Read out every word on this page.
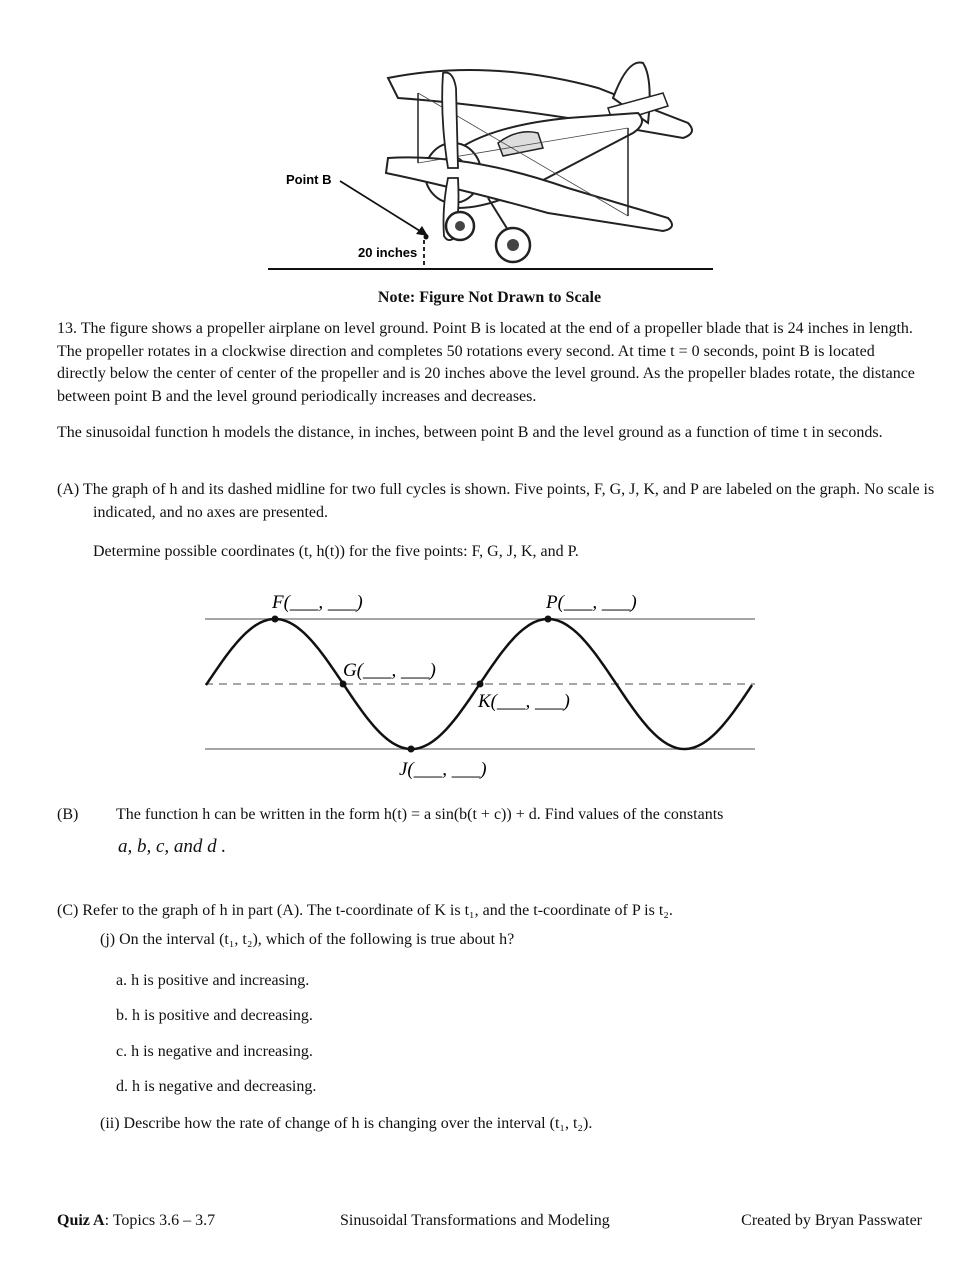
Point B
20 inches
Note: Figure Not Drawn to Scale
13. The figure shows a propeller airplane on level ground. Point B is located at the end of a propeller blade that is 24 inches in length. The propeller rotates in a clockwise direction and completes 50 rotations every second. At time t = 0 seconds, point B is located directly below the center of center of the propeller and is 20 inches above the level ground. As the propeller blades rotate, the distance between point B and the level ground periodically increases and decreases.
The sinusoidal function h models the distance, in inches, between point B and the level ground as a function of time t in seconds.
(A) The graph of h and its dashed midline for two full cycles is shown. Five points, F, G, J, K, and P are labeled on the graph. No scale is indicated, and no axes are presented.
Determine possible coordinates (t, h(t)) for the five points: F, G, J, K, and P.
F(___, ___)	P(___, ___)
G(___, ___)
K(___, ___)
J(___, ___)
(B) The function h can be written in the form h(t) = a sin(b(t + c)) + d. Find values of the constants
a, b, c, and d .
(C) Refer to the graph of h in part (A). The t-coordinate of K is t₁, and the t-coordinate of P is t₂.
(j) On the interval (t₁, t₂), which of the following is true about h?
a. h is positive and increasing.
b. h is positive and decreasing.
c. h is negative and increasing.
d. h is negative and decreasing.
(ii) Describe how the rate of change of h is changing over the interval (t₁, t₂).
Quiz A: Topics 3.6 – 3.7	Sinusoidal Transformations and Modeling	Created by Bryan Passwater
